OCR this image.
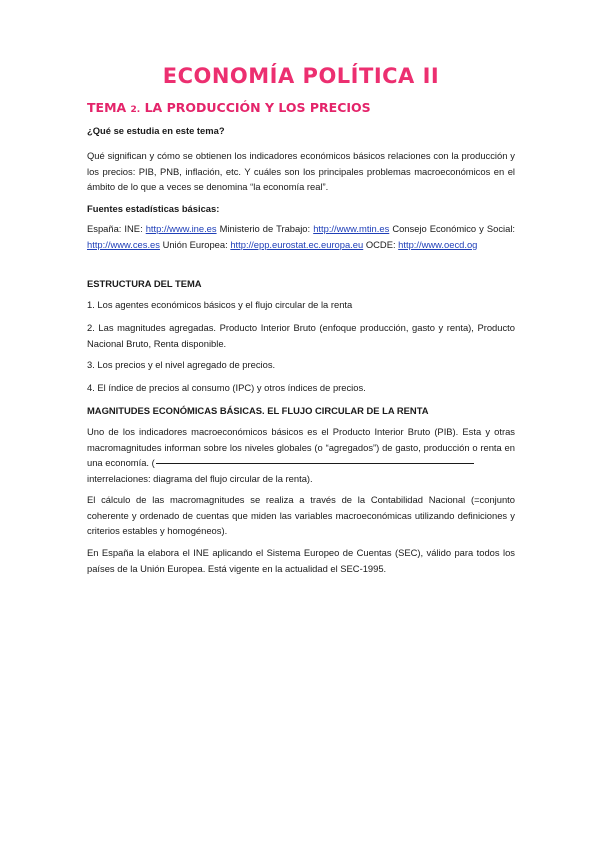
ECONOMÍA POLÍTICA II
TEMA 2. LA PRODUCCIÓN Y LOS PRECIOS

¿Qué se estudia en este tema?

Qué significan y cómo se obtienen los indicadores económicos básicos relaciones con la producción y los precios: PIB, PNB, inflación, etc. Y cuáles son los principales problemas macroeconómicos en el ámbito de lo que a veces se denomina “la economía real”.

Fuentes estadísticas básicas:

España: INE: http://www.ine.es Ministerio de Trabajo: http://www.mtin.es Consejo Económico y Social: http://www.ces.es Unión Europea: http://epp.eurostat.ec.europa.eu OCDE: http://www.oecd.og

ESTRUCTURA DEL TEMA

1. Los agentes económicos básicos y el flujo circular de la renta

2. Las magnitudes agregadas. Producto Interior Bruto (enfoque producción, gasto y renta), Producto Nacional Bruto, Renta disponible.

3. Los precios y el nivel agregado de precios.

4. El índice de precios al consumo (IPC) y otros índices de precios.

MAGNITUDES ECONÓMICAS BÁSICAS. EL FLUJO CIRCULAR DE LA RENTA

Uno de los indicadores macroeconómicos básicos es el Producto Interior Bruto (PIB). Esta y otras macromagnitudes informan sobre los niveles globales (o “agregados”) de gasto, producción o renta en una economía. (

interrelaciones: diagrama del flujo circular de la renta).

El cálculo de las macromagnitudes se realiza a través de la Contabilidad Nacional (=conjunto coherente y ordenado de cuentas que miden las variables macroeconómicas utilizando definiciones y criterios estables y homogéneos).

En España la elabora el INE aplicando el Sistema Europeo de Cuentas (SEC), válido para todos los países de la Unión Europea. Está vigente en la actualidad el SEC-1995.
